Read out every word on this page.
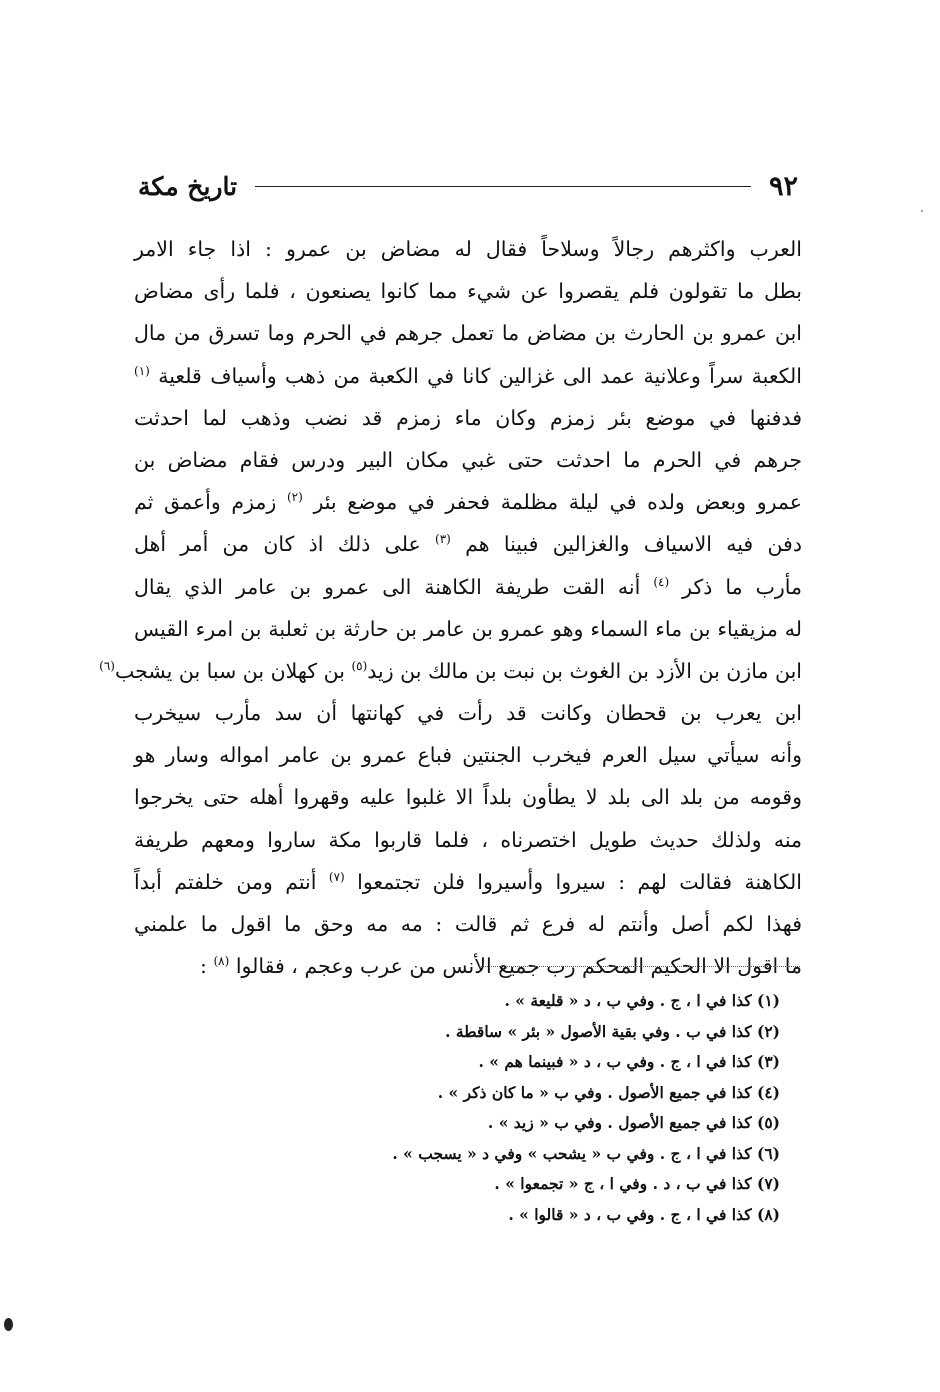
٩٢
تاريخ مكة
العرب واكثرهم رجالاً وسلاحاً فقال له مضاض بن عمرو : اذا جاء الامر
بطل ما تقولون فلم يقصروا عن شيء مما كانوا يصنعون ، فلما رأى مضاض
ابن عمرو بن الحارث بن مضاض ما تعمل جرهم في الحرم وما تسرق من مال
الكعبة سراً وعلانية عمد الى غزالين كانا في الكعبة من ذهب وأسياف قلعية $^{(١)}$
فدفنها في موضع بئر زمزم وكان ماء زمزم قد نضب وذهب لما احدثت
جرهم في الحرم ما احدثت حتى غبي مكان البير ودرس فقام مضاض بن
عمرو وبعض ولده في ليلة مظلمة فحفر في موضع بئر $^{(٢)}$ زمزم وأعمق ثم
دفن فيه الاسياف والغزالين فبينا هم $^{(٣)}$ على ذلك اذ كان من أمر أهل
مأرب ما ذكر $^{(٤)}$ أنه القت طريفة الكاهنة الى عمرو بن عامر الذي يقال
له مزيقياء بن ماء السماء وهو عمرو بن عامر بن حارثة بن ثعلبة بن امرء القيس
ابن مازن بن الأزد بن الغوث بن نبت بن مالك بن زيد$^{(٥)}$ بن كهلان بن سبا بن يشجب$^{(٦)}$
ابن يعرب بن قحطان وكانت قد رأت في كهانتها أن سد مأرب سيخرب
وأنه سيأتي سيل العرم فيخرب الجنتين فباع عمرو بن عامر امواله وسار هو
وقومه من بلد الى بلد لا يطأون بلداً الا غلبوا عليه وقهروا أهله حتى يخرجوا
منه ولذلك حديث طويل اختصرناه ، فلما قاربوا مكة ساروا ومعهم طريفة
الكاهنة فقالت لهم : سيروا وأسيروا فلن تجتمعوا $^{(٧)}$ أنتم ومن خلفتم أبداً
فهذا لكم أصل وأنتم له فرع ثم قالت : مه مه وحق ما اقول ما علمني
ما اقول الا الحكيم المحكم رب جميع الأنس من عرب وعجم ، فقالوا $^{(٨)}$ :
(١) كذا في ا ، ج . وفي ب ، د « قليعة » .
(٢) كذا في ب . وفي بقية الأصول « بئر » ساقطة .
(٣) كذا في ا ، ج . وفي ب ، د « فبينما هم » .
(٤) كذا في جميع الأصول . وفي ب « ما كان ذكر » .
(٥) كذا في جميع الأصول . وفي ب « زيد » .
(٦) كذا في ا ، ج . وفي ب « يشحب » وفي د « يسجب » .
(٧) كذا في ب ، د . وفي ا ، ج « تجمعوا » .
(٨) كذا في ا ، ج . وفي ب ، د « قالوا » .
